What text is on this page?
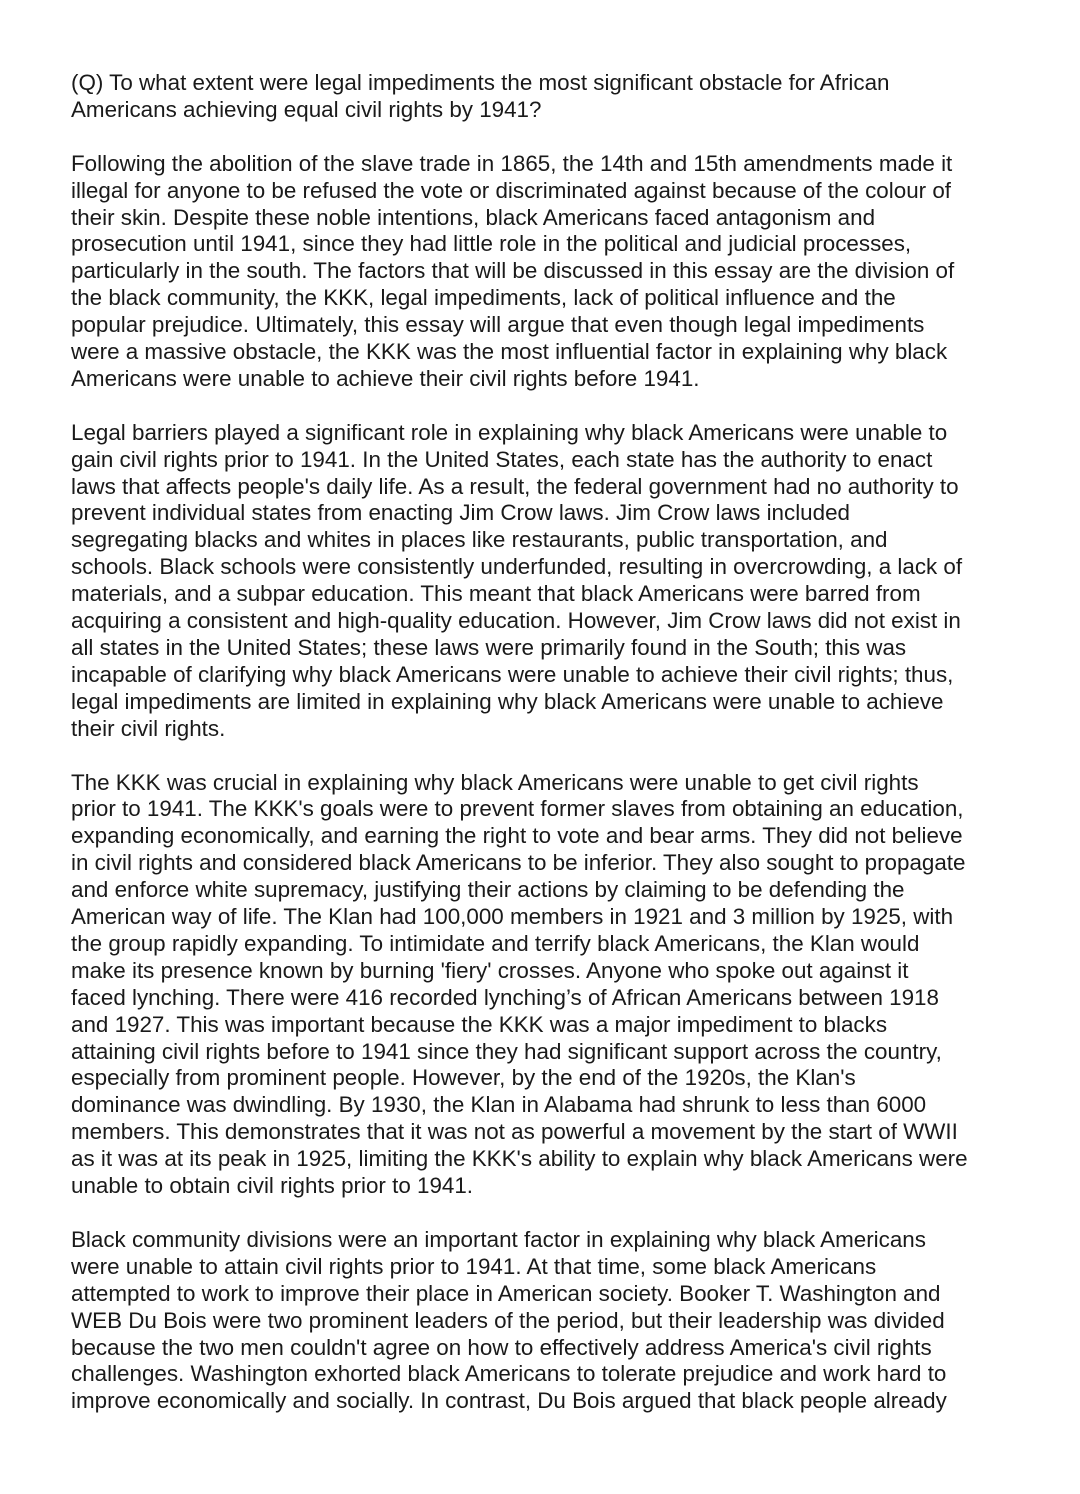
(Q) To what extent were legal impediments the most significant obstacle for African
Americans achieving equal civil rights by 1941?

Following the abolition of the slave trade in 1865, the 14th and 15th amendments made it
illegal for anyone to be refused the vote or discriminated against because of the colour of
their skin. Despite these noble intentions, black Americans faced antagonism and
prosecution until 1941, since they had little role in the political and judicial processes,
particularly in the south. The factors that will be discussed in this essay are the division of
the black community, the KKK, legal impediments, lack of political influence and the
popular prejudice. Ultimately, this essay will argue that even though legal impediments
were a massive obstacle, the KKK was the most influential factor in explaining why black
Americans were unable to achieve their civil rights before 1941.

Legal barriers played a significant role in explaining why black Americans were unable to
gain civil rights prior to 1941. In the United States, each state has the authority to enact
laws that affects people's daily life. As a result, the federal government had no authority to
prevent individual states from enacting Jim Crow laws. Jim Crow laws included
segregating blacks and whites in places like restaurants, public transportation, and
schools. Black schools were consistently underfunded, resulting in overcrowding, a lack of
materials, and a subpar education. This meant that black Americans were barred from
acquiring a consistent and high-quality education. However, Jim Crow laws did not exist in
all states in the United States; these laws were primarily found in the South; this was
incapable of clarifying why black Americans were unable to achieve their civil rights; thus,
legal impediments are limited in explaining why black Americans were unable to achieve
their civil rights.

The KKK was crucial in explaining why black Americans were unable to get civil rights
prior to 1941. The KKK's goals were to prevent former slaves from obtaining an education,
expanding economically, and earning the right to vote and bear arms. They did not believe
in civil rights and considered black Americans to be inferior. They also sought to propagate
and enforce white supremacy, justifying their actions by claiming to be defending the
American way of life. The Klan had 100,000 members in 1921 and 3 million by 1925, with
the group rapidly expanding. To intimidate and terrify black Americans, the Klan would
make its presence known by burning 'fiery' crosses. Anyone who spoke out against it
faced lynching. There were 416 recorded lynching’s of African Americans between 1918
and 1927. This was important because the KKK was a major impediment to blacks
attaining civil rights before to 1941 since they had significant support across the country,
especially from prominent people. However, by the end of the 1920s, the Klan's
dominance was dwindling. By 1930, the Klan in Alabama had shrunk to less than 6000
members. This demonstrates that it was not as powerful a movement by the start of WWII
as it was at its peak in 1925, limiting the KKK's ability to explain why black Americans were
unable to obtain civil rights prior to 1941.

Black community divisions were an important factor in explaining why black Americans
were unable to attain civil rights prior to 1941. At that time, some black Americans
attempted to work to improve their place in American society. Booker T. Washington and
WEB Du Bois were two prominent leaders of the period, but their leadership was divided
because the two men couldn't agree on how to effectively address America's civil rights
challenges. Washington exhorted black Americans to tolerate prejudice and work hard to
improve economically and socially. In contrast, Du Bois argued that black people already
